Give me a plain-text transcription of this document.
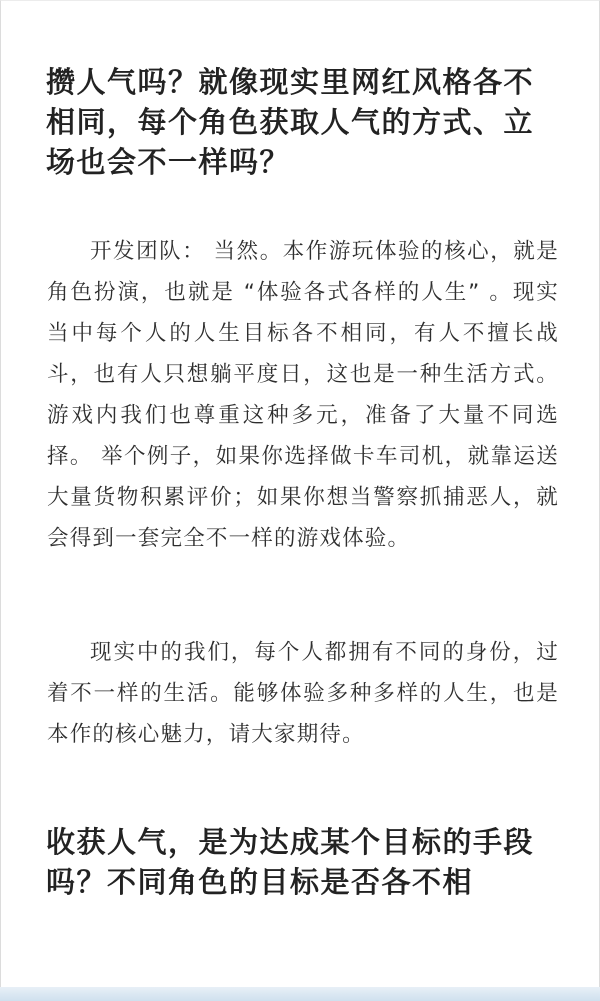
攒人气吗？就像现实里网红风格各不相同，每个角色获取人气的方式、立场也会不一样吗？

开发团队： 当然。本作游玩体验的核心，就是角色扮演，也就是 “体验各式各样的人生” 。现实当中每个人的人生目标各不相同，有人不擅长战斗，也有人只想躺平度日，这也是一种生活方式。 游戏内我们也尊重这种多元，准备了大量不同选择。 举个例子，如果你选择做卡车司机，就靠运送大量货物积累评价；如果你想当警察抓捕恶人，就会得到一套完全不一样的游戏体验。

现实中的我们，每个人都拥有不同的身份，过着不一样的生活。能够体验多种多样的人生，也是本作的核心魅力，请大家期待。

收获人气，是为达成某个目标的手段吗？不同角色的目标是否各不相
